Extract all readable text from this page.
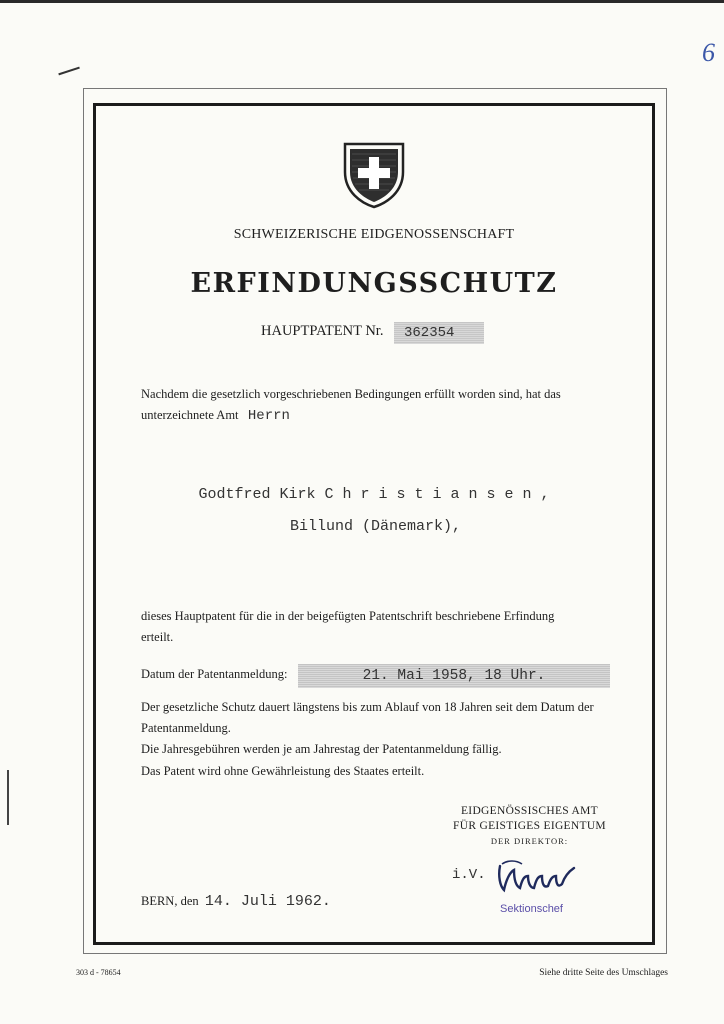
6
SCHWEIZERISCHE EIDGENOSSENSCHAFT
ERFINDUNGSSCHUTZ
HAUPTPATENT Nr.	362354
Nachdem die gesetzlich vorgeschriebenen Bedingungen erfüllt worden sind, hat das
unterzeichnete Amt Herrn
Godtfred Kirk C h r i s t i a n s e n ,
Billund (Dänemark),
dieses Hauptpatent für die in der beigefügten Patentschrift beschriebene Erfindung
erteilt.
Datum der Patentanmeldung:	21. Mai 1958, 18 Uhr.
Der gesetzliche Schutz dauert längstens bis zum Ablauf von 18 Jahren seit dem Datum der
Patentanmeldung.
Die Jahresgebühren werden je am Jahrestag der Patentanmeldung fällig.
Das Patent wird ohne Gewährleistung des Staates erteilt.
EIDGENÖSSISCHES AMT
FÜR GEISTIGES EIGENTUM
DER DIREKTOR:
i.V.
Sektionschef
BERN, den 14. Juli 1962.
303 d - 78654	Siehe dritte Seite des Umschlages
